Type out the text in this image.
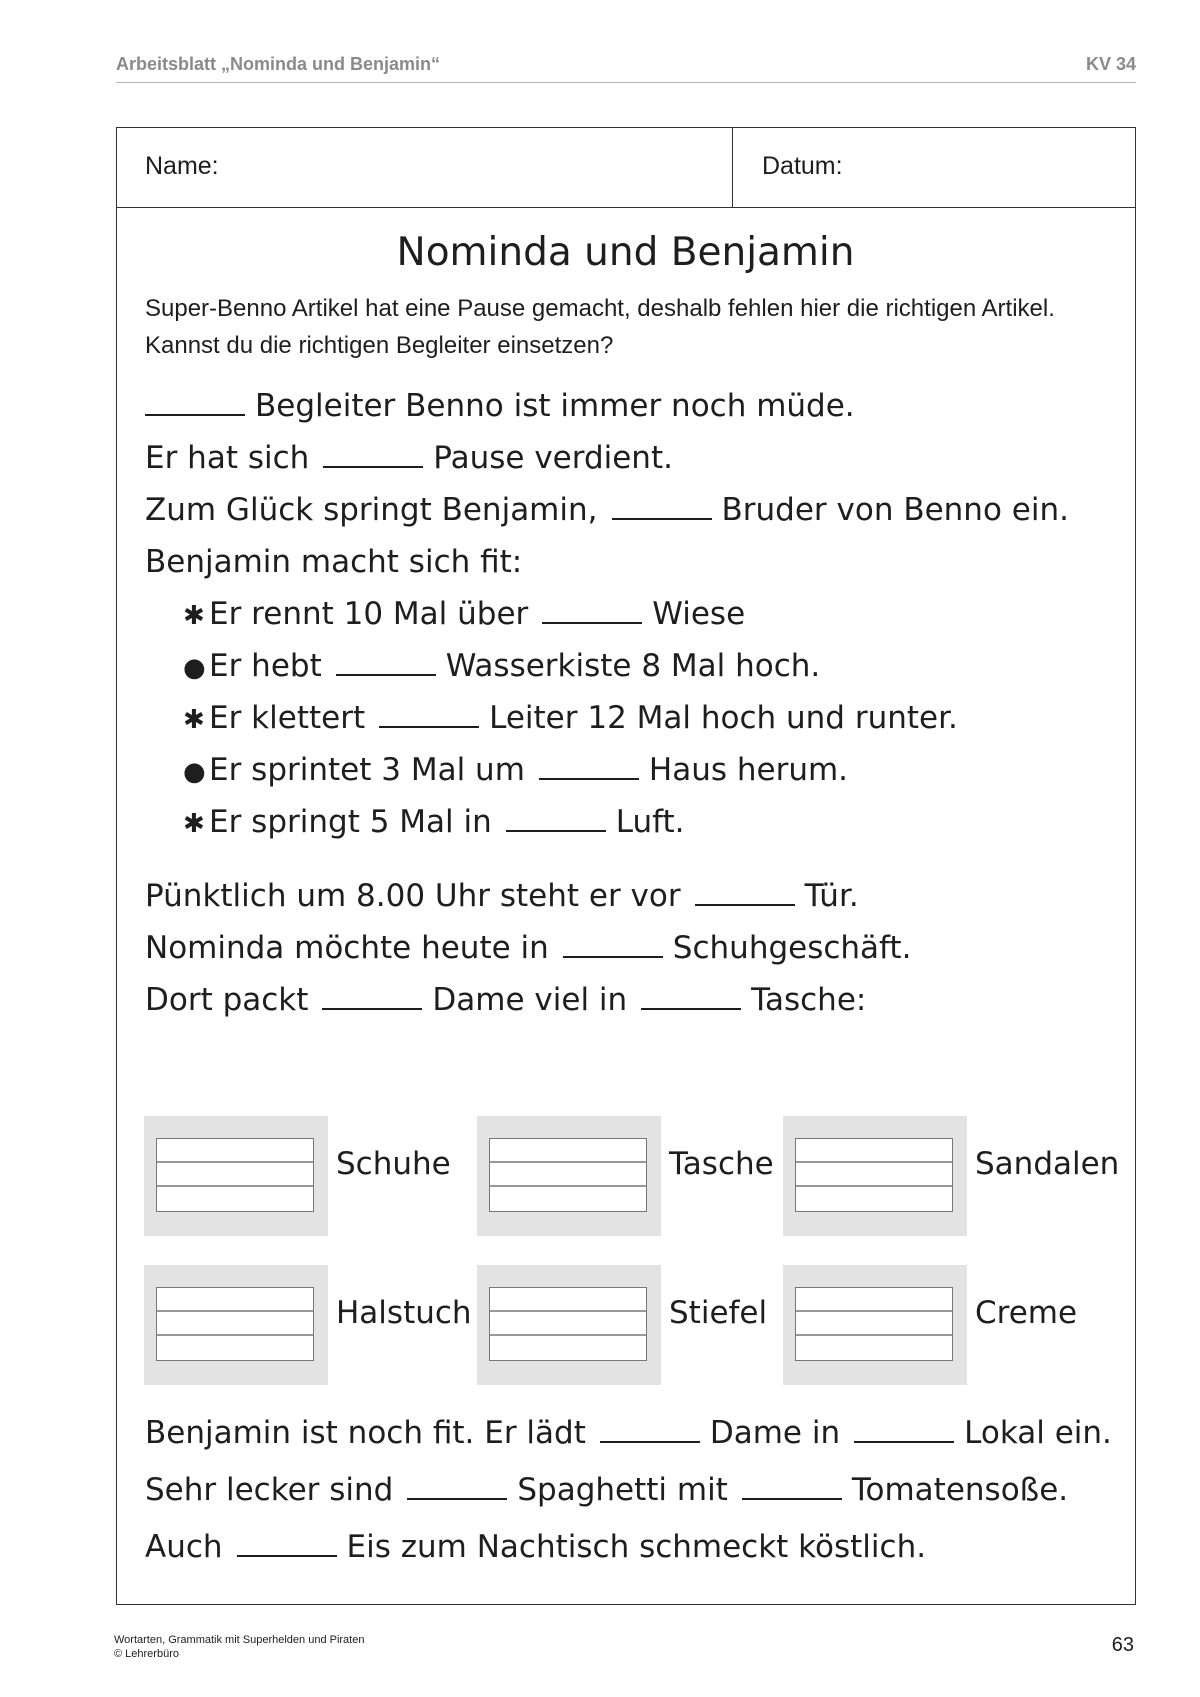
Arbeitsblatt „Nominda und Benjamin“	KV 34
Name:	Datum:
Nominda und Benjamin
Super-Benno Artikel hat eine Pause gemacht, deshalb fehlen hier die richtigen Artikel. Kannst du die richtigen Begleiter einsetzen?
Begleiter Benno ist immer noch müde.
Er hat sich	Pause verdient.
Zum Glück springt Benjamin,	Bruder von Benno ein.
Benjamin macht sich fit:
✱ Er rennt 10 Mal über	Wiese
● Er hebt	Wasserkiste 8 Mal hoch.
✱ Er klettert	Leiter 12 Mal hoch und runter.
● Er sprintet 3 Mal um	Haus herum.
✱ Er springt 5 Mal in	Luft.
Pünktlich um 8.00 Uhr steht er vor	Tür.
Nominda möchte heute in	Schuhgeschäft.
Dort packt	Dame viel in	Tasche:
Schuhe	Tasche	Sandalen
Halstuch	Stiefel	Creme
Benjamin ist noch fit. Er lädt	Dame in	Lokal ein.
Sehr lecker sind	Spaghetti mit	Tomatensoße.
Auch	Eis zum Nachtisch schmeckt köstlich.
Wortarten, Grammatik mit Superhelden und Piraten
© Lehrerbüro	63
